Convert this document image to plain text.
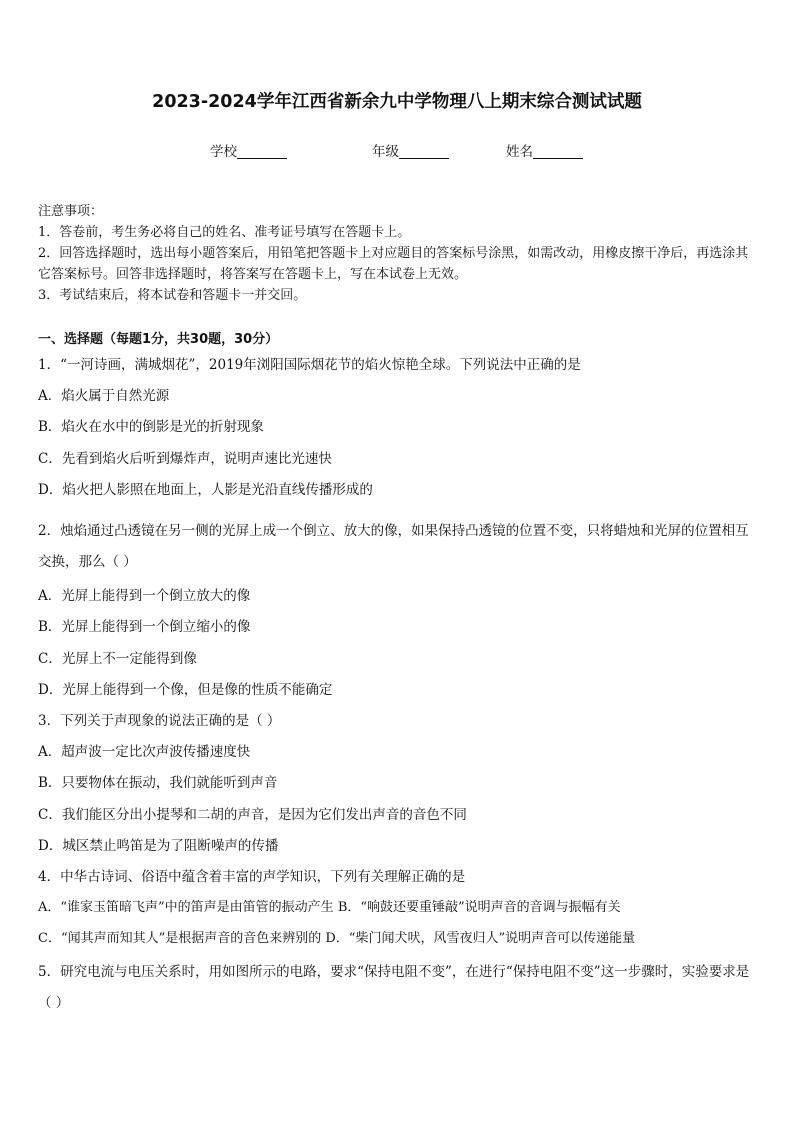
2023-2024学年江西省新余九中学物理八上期末综合测试试题
学校	年级	姓名
注意事项：
1．答卷前，考生务必将自己的姓名、准考证号填写在答题卡上。
2．回答选择题时，选出每小题答案后，用铅笔把答题卡上对应题目的答案标号涂黑，如需改动，用橡皮擦干净后，再选涂其它答案标号。回答非选择题时，将答案写在答题卡上，写在本试卷上无效。
3．考试结束后，将本试卷和答题卡一并交回。
一、选择题（每题1分，共30题，30分）
1．“一河诗画，满城烟花”，2019年浏阳国际烟花节的焰火惊艳全球。下列说法中正确的是
A．焰火属于自然光源
B．焰火在水中的倒影是光的折射现象
C．先看到焰火后听到爆炸声，说明声速比光速快
D．焰火把人影照在地面上，人影是光沿直线传播形成的
2．烛焰通过凸透镜在另一侧的光屏上成一个倒立、放大的像，如果保持凸透镜的位置不变，只将蜡烛和光屏的位置相互交换，那么（ ）
A．光屏上能得到一个倒立放大的像
B．光屏上能得到一个倒立缩小的像
C．光屏上不一定能得到像
D．光屏上能得到一个像，但是像的性质不能确定
3．下列关于声现象的说法正确的是（ ）
A．超声波一定比次声波传播速度快
B．只要物体在振动，我们就能听到声音
C．我们能区分出小提琴和二胡的声音，是因为它们发出声音的音色不同
D．城区禁止鸣笛是为了阻断噪声的传播
4．中华古诗词、俗语中蕴含着丰富的声学知识，下列有关理解正确的是
A．“谁家玉笛暗飞声”中的笛声是由笛管的振动产生 B．“响鼓还要重锤敲”说明声音的音调与振幅有关
C．“闻其声而知其人”是根据声音的音色来辨别的 D．“柴门闻犬吠，风雪夜归人”说明声音可以传递能量
5．研究电流与电压关系时，用如图所示的电路，要求“保持电阻不变”，在进行“保持电阻不变”这一步骤时，实验要求是（ ）
